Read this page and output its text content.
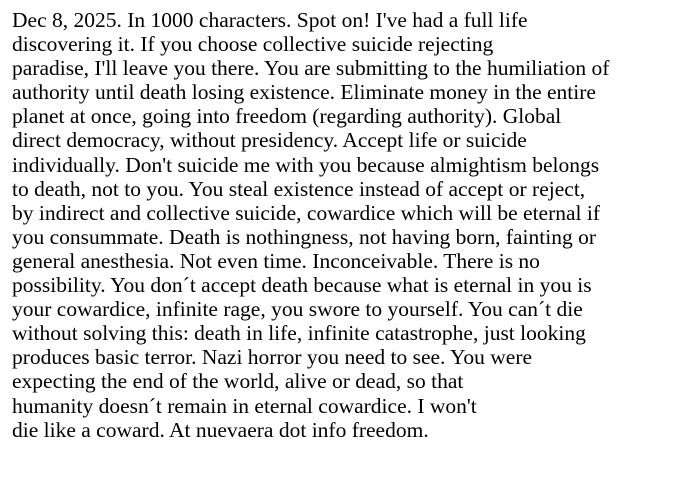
Dec 8, 2025. In 1000 characters. Spot on! I've had a full life
discovering it. If you choose collective suicide rejecting
paradise, I'll leave you there. You are submitting to the humiliation of
authority until death losing existence. Eliminate money in the entire
planet at once, going into freedom (regarding authority). Global
direct democracy, without presidency. Accept life or suicide
individually. Don't suicide me with you because almightism belongs
to death, not to you. You steal existence instead of accept or reject,
by indirect and collective suicide, cowardice which will be eternal if
you consummate. Death is nothingness, not having born, fainting or
general anesthesia. Not even time. Inconceivable. There is no
possibility. You don´t accept death because what is eternal in you is
your cowardice, infinite rage, you swore to yourself. You can´t die
without solving this: death in life, infinite catastrophe, just looking
produces basic terror. Nazi horror you need to see. You were
expecting the end of the world, alive or dead, so that
humanity doesn´t remain in eternal cowardice. I won't
die like a coward. At nuevaera dot info freedom.
